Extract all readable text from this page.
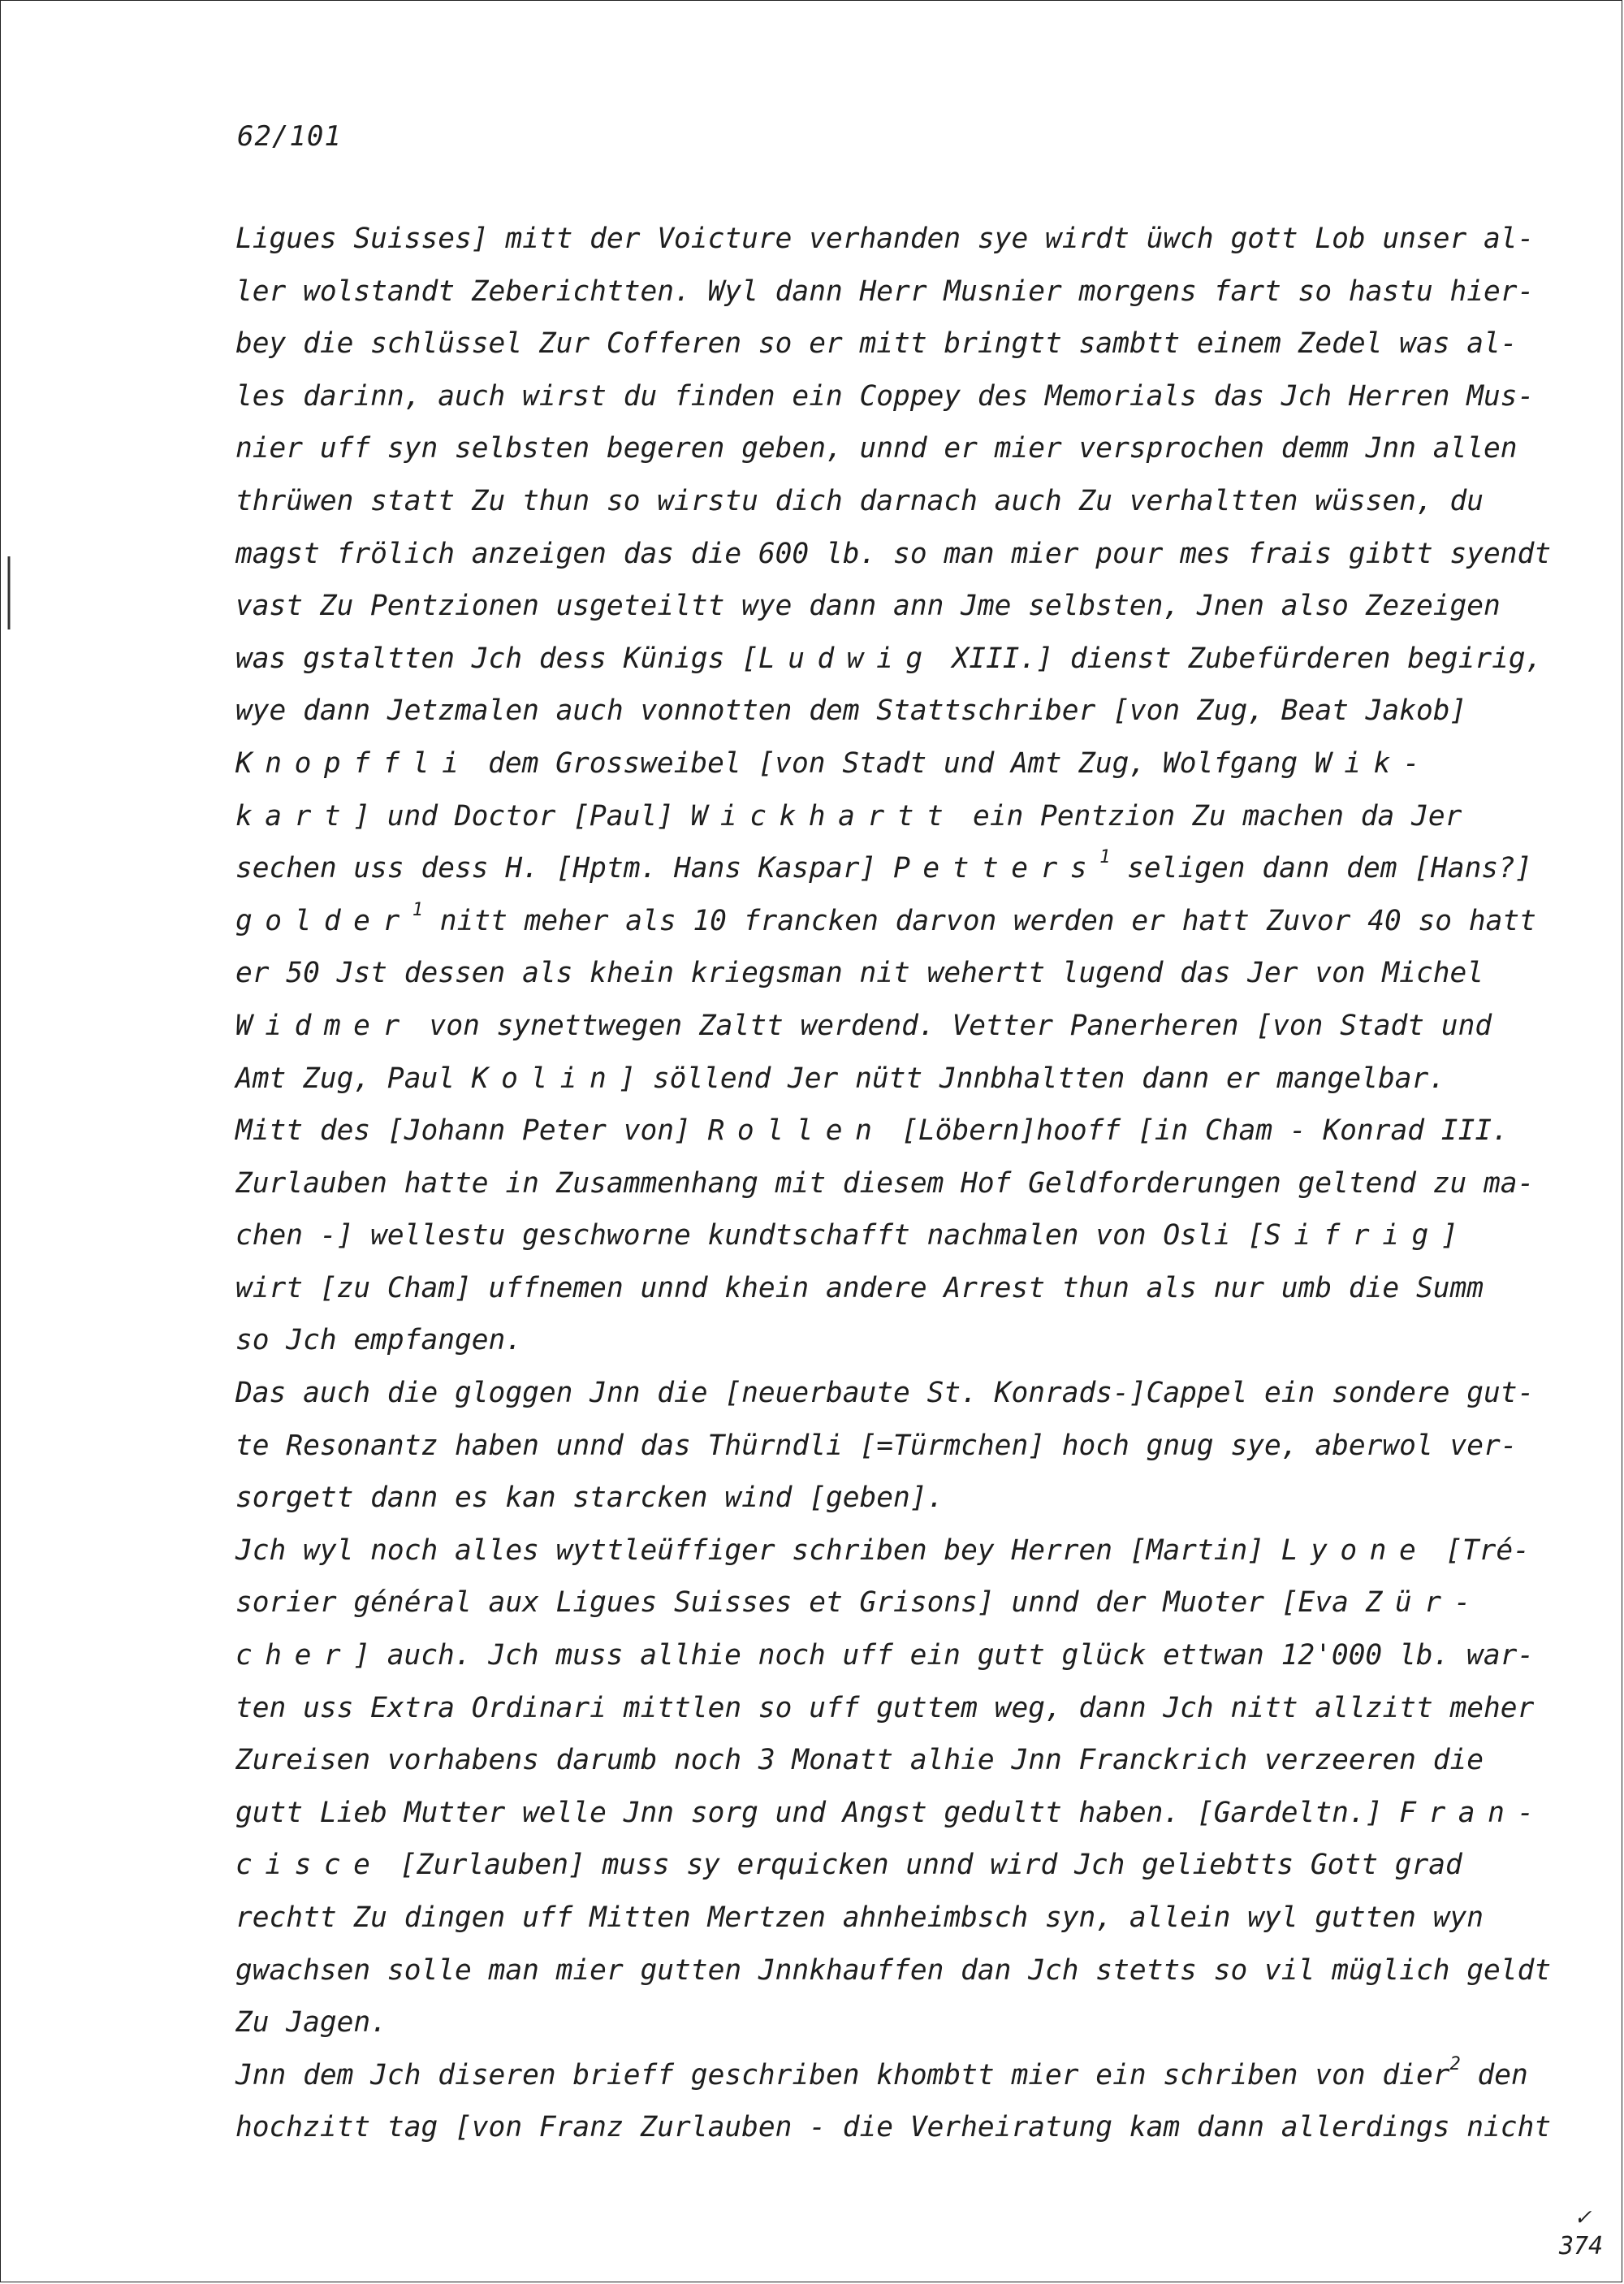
62/101
Ligues Suisses] mitt der Voicture verhanden sye wirdt üwch gott Lob unser al-
ler wolstandt Zeberichtten. Wyl dann Herr Musnier morgens fart so hastu hier-
bey die schlüssel Zur Cofferen so er mitt bringtt sambtt einem Zedel was al-
les darinn, auch wirst du finden ein Coppey des Memorials das Jch Herren Mus-
nier uff syn selbsten begeren geben, unnd er mier versprochen demm Jnn allen
thrüwen statt Zu thun so wirstu dich darnach auch Zu verhaltten wüssen, du
magst frölich anzeigen das die 600 lb. so man mier pour mes frais gibtt syendt
vast Zu Pentzionen usgeteiltt wye dann ann Jme selbsten, Jnen also Zezeigen
was gstaltten Jch dess Künigs [Ludwig XIII.] dienst Zubefürderen begirig,
wye dann Jetzmalen auch vonnotten dem Stattschriber [von Zug, Beat Jakob]
Knopffli dem Grossweibel [von Stadt und Amt Zug, Wolfgang Wik-
kart] und Doctor [Paul] Wickhartt ein Pentzion Zu machen da Jer
sechen uss dess H. [Hptm. Hans Kaspar] Petters$^1$ seligen dann dem [Hans?]
golder$^1$ nitt meher als 10 francken darvon werden er hatt Zuvor 40 so hatt
er 50 Jst dessen als khein kriegsman nit wehertt lugend das Jer von Michel
Widmer von synettwegen Zaltt werdend. Vetter Panerheren [von Stadt und
Amt Zug, Paul Kolin] söllend Jer nütt Jnnbhaltten dann er mangelbar.
Mitt des [Johann Peter von] Rollen [Löbern]hooff [in Cham - Konrad III.
Zurlauben hatte in Zusammenhang mit diesem Hof Geldforderungen geltend zu ma-
chen -] wellestu geschworne kundtschafft nachmalen von Osli [Sifrig]
wirt [zu Cham] uffnemen unnd khein andere Arrest thun als nur umb die Summ
so Jch empfangen.
Das auch die gloggen Jnn die [neuerbaute St. Konrads-]Cappel ein sondere gut-
te Resonantz haben unnd das Thürndli [=Türmchen] hoch gnug sye, aberwol ver-
sorgett dann es kan starcken wind [geben].
Jch wyl noch alles wyttleüffiger schriben bey Herren [Martin] Lyone [Tré-
sorier général aux Ligues Suisses et Grisons] unnd der Muoter [Eva Zür-
cher] auch. Jch muss allhie noch uff ein gutt glück ettwan 12'000 lb. war-
ten uss Extra Ordinari mittlen so uff guttem weg, dann Jch nitt allzitt meher
Zureisen vorhabens darumb noch 3 Monatt alhie Jnn Franckrich verzeeren die
gutt Lieb Mutter welle Jnn sorg und Angst gedultt haben. [Gardeltn.] Fran-
cisce [Zurlauben] muss sy erquicken unnd wird Jch geliebtts Gott grad
rechtt Zu dingen uff Mitten Mertzen ahnheimbsch syn, allein wyl gutten wyn
gwachsen solle man mier gutten Jnnkhauffen dan Jch stetts so vil müglich geldt
Zu Jagen.
Jnn dem Jch diseren brieff geschriben khombtt mier ein schriben von dier$^2$ den
hochzitt tag [von Franz Zurlauben - die Verheiratung kam dann allerdings nicht
✓
374
